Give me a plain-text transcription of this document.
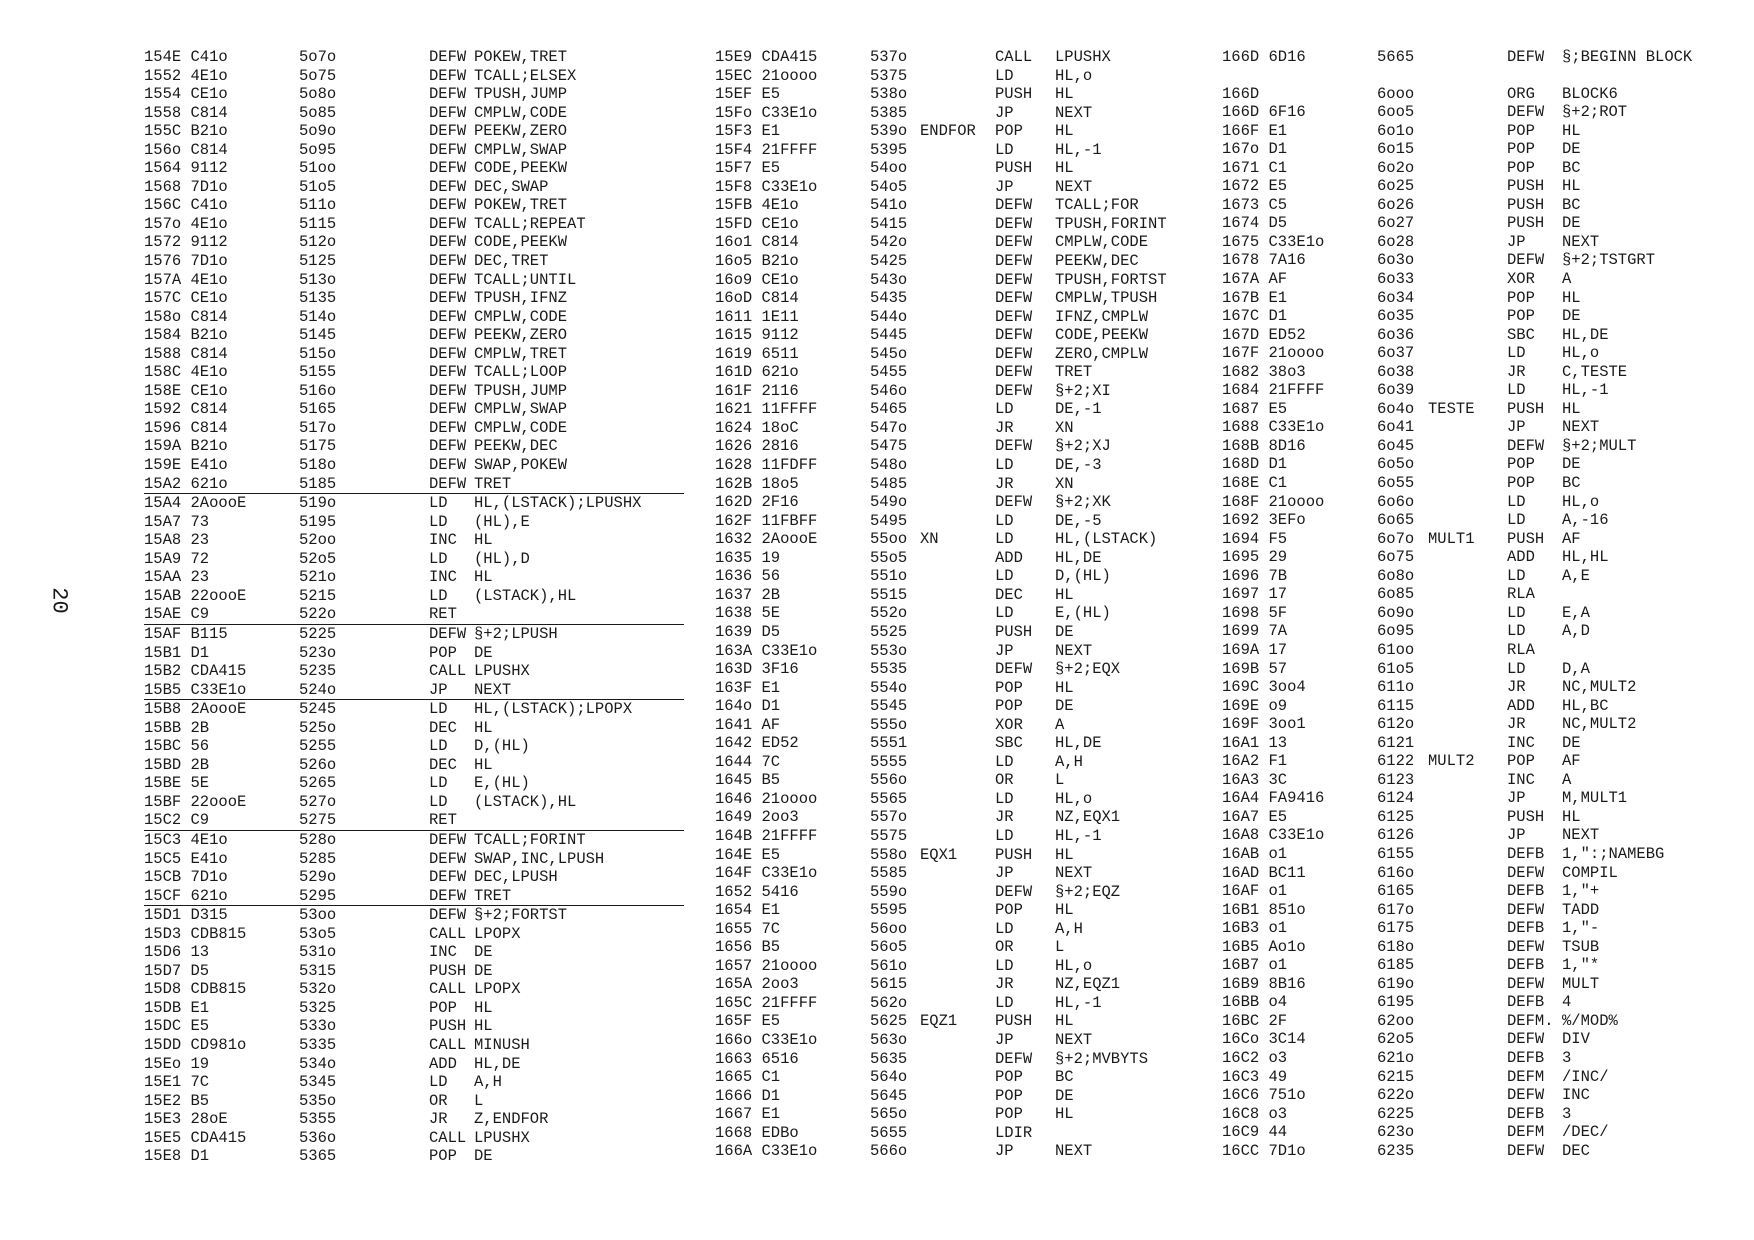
20
154E C41o	5o7o	DEFW POKEW,TRET
1552 4E1o	5o75	DEFW TCALL;ELSEX
1554 CE1o	5o8o	DEFW TPUSH,JUMP
1558 C814	5o85	DEFW CMPLW,CODE
155C B21o	5o9o	DEFW PEEKW,ZERO
156o C814	5o95	DEFW CMPLW,SWAP
1564 9112	51oo	DEFW CODE,PEEKW
1568 7D1o	51o5	DEFW DEC,SWAP
156C C41o	511o	DEFW POKEW,TRET
157o 4E1o	5115	DEFW TCALL;REPEAT
1572 9112	512o	DEFW CODE,PEEKW
1576 7D1o	5125	DEFW DEC,TRET
157A 4E1o	513o	DEFW TCALL;UNTIL
157C CE1o	5135	DEFW TPUSH,IFNZ
158o C814	514o	DEFW CMPLW,CODE
1584 B21o	5145	DEFW PEEKW,ZERO
1588 C814	515o	DEFW CMPLW,TRET
158C 4E1o	5155	DEFW TCALL;LOOP
158E CE1o	516o	DEFW TPUSH,JUMP
1592 C814	5165	DEFW CMPLW,SWAP
1596 C814	517o	DEFW CMPLW,CODE
159A B21o	5175	DEFW PEEKW,DEC
159E E41o	518o	DEFW SWAP,POKEW
15A2 621o	5185	DEFW TRET
15A4 2AoooE	519o	LD HL,(LSTACK);LPUSHX
15A7 73	5195	LD (HL),E
15A8 23	52oo	INC HL
15A9 72	52o5	LD (HL),D
15AA 23	521o	INC HL
15AB 22oooE	5215	LD (LSTACK),HL
15AE C9	522o	RET
15AF B115	5225	DEFW §+2;LPUSH
15B1 D1	523o	POP DE
15B2 CDA415	5235	CALL LPUSHX
15B5 C33E1o	524o	JP NEXT
15B8 2AoooE	5245	LD HL,(LSTACK);LPOPX
15BB 2B	525o	DEC HL
15BC 56	5255	LD D,(HL)
15BD 2B	526o	DEC HL
15BE 5E	5265	LD E,(HL)
15BF 22oooE	527o	LD (LSTACK),HL
15C2 C9	5275	RET
15C3 4E1o	528o	DEFW TCALL;FORINT
15C5 E41o	5285	DEFW SWAP,INC,LPUSH
15CB 7D1o	529o	DEFW DEC,LPUSH
15CF 621o	5295	DEFW TRET
15D1 D315	53oo	DEFW §+2;FORTST
15D3 CDB815	53o5	CALL LPOPX
15D6 13	531o	INC DE
15D7 D5	5315	PUSH DE
15D8 CDB815	532o	CALL LPOPX
15DB E1	5325	POP HL
15DC E5	533o	PUSH HL
15DD CD981o	5335	CALL MINUSH
15Eo 19	534o	ADD HL,DE
15E1 7C	5345	LD A,H
15E2 B5	535o	OR L
15E3 28oE	5355	JR Z,ENDFOR
15E5 CDA415	536o	CALL LPUSHX
15E8 D1	5365	POP DE
15E9 CDA415	537o	CALL LPUSHX
15EC 21oooo	5375	LD	HL,o
15EF E5	538o	PUSH HL
15Fo C33E1o	5385	JP	NEXT
15F3 E1	539o ENDFOR POP HL
15F4 21FFFF	5395	LD	HL,-1
15F7 E5	54oo	PUSH HL
15F8 C33E1o	54o5	JP	NEXT
15FB 4E1o	541o	DEFW TCALL;FOR
15FD CE1o	5415	DEFW TPUSH,FORINT
16o1 C814	542o	DEFW CMPLW,CODE
16o5 B21o	5425	DEFW PEEKW,DEC
16o9 CE1o	543o	DEFW TPUSH,FORTST
16oD C814	5435	DEFW CMPLW,TPUSH
1611 1E11	544o	DEFW IFNZ,CMPLW
1615 9112	5445	DEFW CODE,PEEKW
1619 6511	545o	DEFW ZERO,CMPLW
161D 621o	5455	DEFW TRET
161F 2116	546o	DEFW §+2;XI
1621 11FFFF	5465	LD	DE,-1
1624 18oC	547o	JR	XN
1626 2816	5475	DEFW §+2;XJ
1628 11FDFF	548o	LD	DE,-3
162B 18o5	5485	JR	XN
162D 2F16	549o	DEFW §+2;XK
162F 11FBFF	5495	LD	DE,-5
1632 2AoooE	55oo XN	LD	HL,(LSTACK)
1635 19	55o5	ADD HL,DE
1636 56	551o	LD	D,(HL)
1637 2B	5515	DEC HL
1638 5E	552o	LD	E,(HL)
1639 D5	5525	PUSH DE
163A C33E1o	553o	JP	NEXT
163D 3F16	5535	DEFW §+2;EQX
163F E1	554o	POP HL
164o D1	5545	POP DE
1641 AF	555o	XOR A
1642 ED52	5551	SBC HL,DE
1644 7C	5555	LD	A,H
1645 B5	556o	OR	L
1646 21oooo	5565	LD	HL,o
1649 2oo3	557o	JR	NZ,EQX1
164B 21FFFF	5575	LD	HL,-1
164E E5	558o EQX1 PUSH HL
164F C33E1o	5585	JP	NEXT
1652 5416	559o	DEFW §+2;EQZ
1654 E1	5595	POP HL
1655 7C	56oo	LD	A,H
1656 B5	56o5	OR	L
1657 21oooo	561o	LD	HL,o
165A 2oo3	5615	JR	NZ,EQZ1
165C 21FFFF	562o	LD	HL,-1
165F E5	5625 EQZ1 PUSH HL
166o C33E1o	563o	JP	NEXT
1663 6516	5635	DEFW §+2;MVBYTS
1665 C1	564o	POP BC
1666 D1	5645	POP DE
1667 E1	565o	POP HL
1668 EDBo	5655	LDIR
166A C33E1o	566o	JP	NEXT
166D 6D16	5665	DEFW §;BEGINN BLOCK
166D	6ooo	ORG BLOCK6
166D 6F16	6oo5	DEFW §+2;ROT
166F E1	6o1o	POP HL
167o D1	6o15	POP DE
1671 C1	6o2o	POP BC
1672 E5	6o25	PUSH HL
1673 C5	6o26	PUSH BC
1674 D5	6o27	PUSH DE
1675 C33E1o	6o28	JP NEXT
1678 7A16	6o3o	DEFW §+2;TSTGRT
167A AF	6o33	XOR A
167B E1	6o34	POP HL
167C D1	6o35	POP DE
167D ED52	6o36	SBC HL,DE
167F 21oooo	6o37	LD HL,o
1682 38o3	6o38	JR C,TESTE
1684 21FFFF	6o39	LD HL,-1
1687 E5	6o4o TESTE PUSH HL
1688 C33E1o	6o41	JP NEXT
168B 8D16	6o45	DEFW §+2;MULT
168D D1	6o5o	POP DE
168E C1	6o55	POP BC
168F 21oooo	6o6o	LD HL,o
1692 3EFo	6o65	LD A,-16
1694 F5	6o7o MULT1 PUSH AF
1695 29	6o75	ADD HL,HL
1696 7B	6o8o	LD A,E
1697 17	6o85	RLA
1698 5F	6o9o	LD E,A
1699 7A	6o95	LD A,D
169A 17	61oo	RLA
169B 57	61o5	LD D,A
169C 3oo4	611o	JR NC,MULT2
169E o9	6115	ADD HL,BC
169F 3oo1	612o	JR NC,MULT2
16A1 13	6121	INC DE
16A2 F1	6122 MULT2 POP AF
16A3 3C	6123	INC A
16A4 FA9416	6124	JP M,MULT1
16A7 E5	6125	PUSH HL
16A8 C33E1o	6126	JP NEXT
16AB o1	6155	DEFB 1,":;NAMEBG
16AD BC11	616o	DEFW COMPIL
16AF o1	6165	DEFB 1,"+
16B1 851o	617o	DEFW TADD
16B3 o1	6175	DEFB 1,"-
16B5 Ao1o	618o	DEFW TSUB
16B7 o1	6185	DEFB 1,"*
16B9 8B16	619o	DEFW MULT
16BB o4	6195	DEFB 4
16BC 2F	62oo	DEFM. %/MOD%
16Co 3C14	62o5	DEFW DIV
16C2 o3	621o	DEFB 3
16C3 49	6215	DEFM /INC/
16C6 751o	622o	DEFW INC
16C8 o3	6225	DEFB 3
16C9 44	623o	DEFM /DEC/
16CC 7D1o	6235	DEFW DEC
